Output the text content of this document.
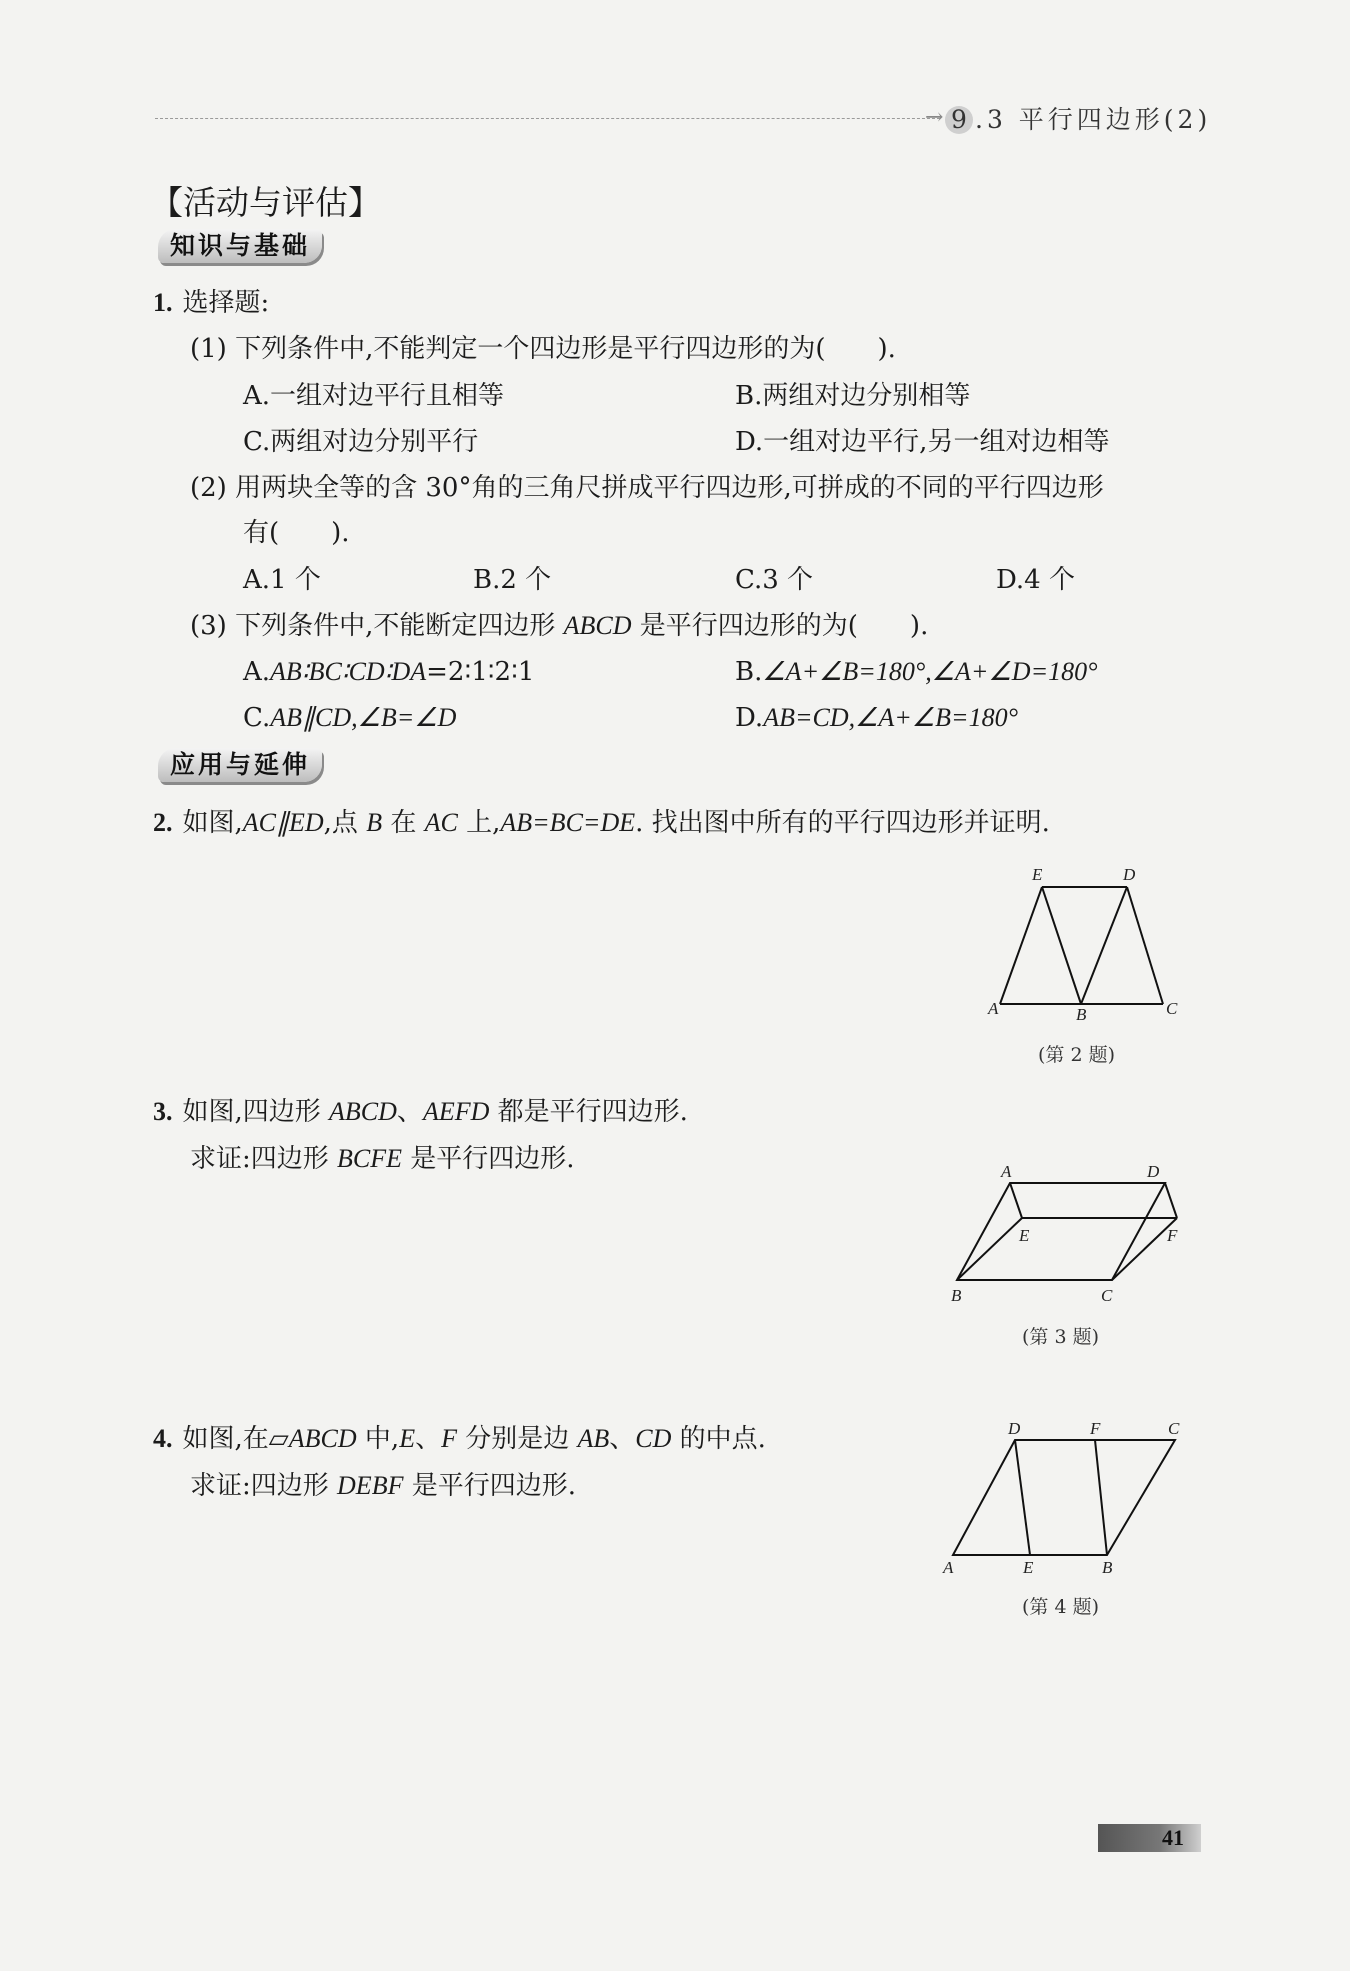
→ 9 .3 平行四边形(2)
【活动与评估】
知识与基础
1. 选择题:
(1) 下列条件中,不能判定一个四边形是平行四边形的为(　　).
A.一组对边平行且相等	B.两组对边分别相等
C.两组对边分别平行	D.一组对边平行,另一组对边相等
(2) 用两块全等的含 30°角的三角尺拼成平行四边形,可拼成的不同的平行四边形
有(　　).
A.1 个	B.2 个	C.3 个	D.4 个
(3) 下列条件中,不能断定四边形 ABCD 是平行四边形的为(　　).
A.AB∶BC∶CD∶DA=2∶1∶2∶1	B.∠A+∠B=180°,∠A+∠D=180°
C.AB∥CD,∠B=∠D	D.AB=CD,∠A+∠B=180°
应用与延伸
2. 如图,AC∥ED,点 B 在 AC 上,AB=BC=DE. 找出图中所有的平行四边形并证明.
E	D
A	B	C
(第 2 题)
3. 如图,四边形 ABCD、AEFD 都是平行四边形.
求证:四边形 BCFE 是平行四边形.	A	D
E	F
B	C
(第 3 题)
4. 如图,在▱ABCD 中,E、F 分别是边 AB、CD 的中点.
求证:四边形 DEBF 是平行四边形.
D	F	C
A	E	B
(第 4 题)
41
